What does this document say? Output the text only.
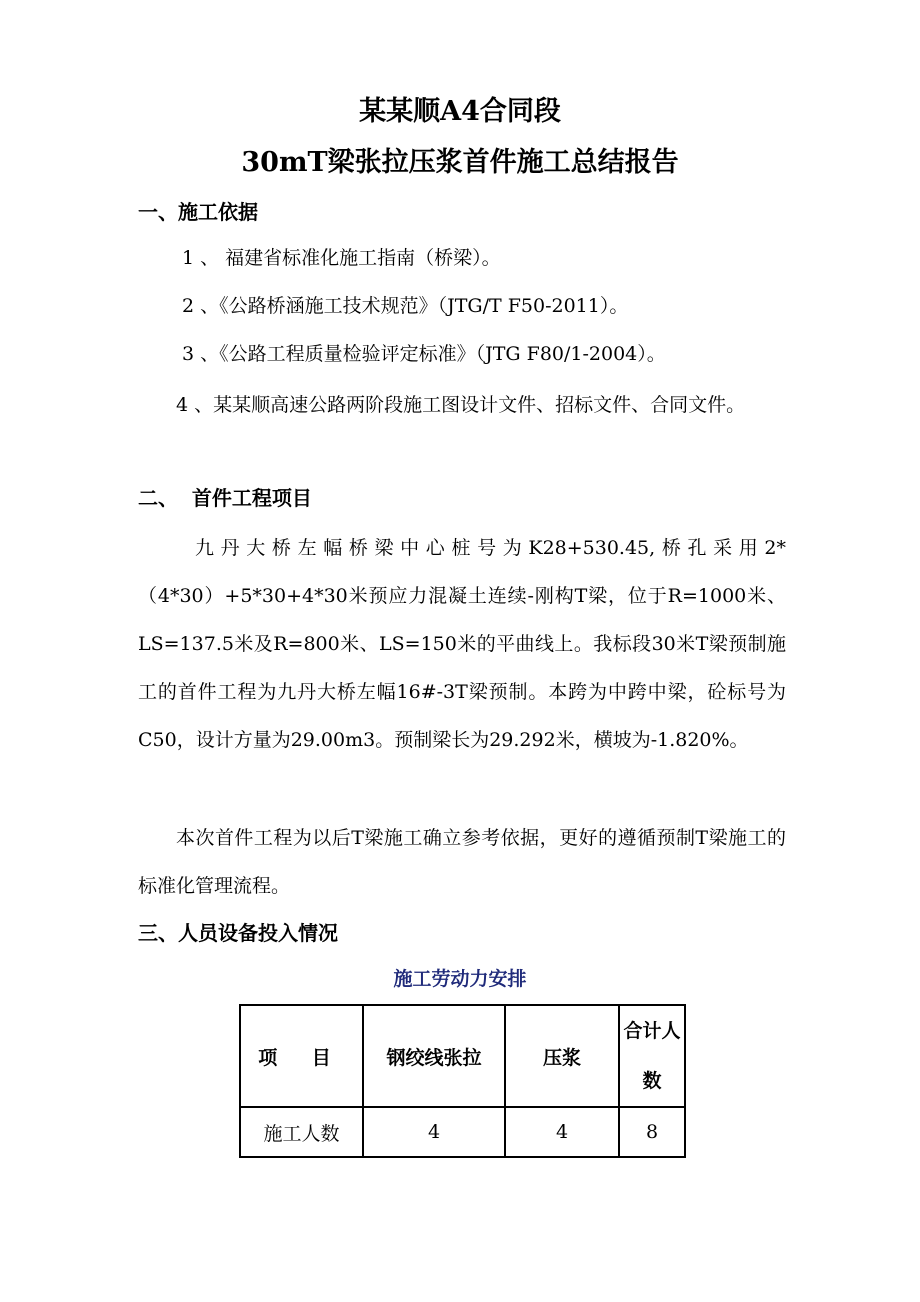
某某顺A4合同段
30mT梁张拉压浆首件施工总结报告
一、施工依据
1 、 福建省标准化施工指南（桥梁）。
2 、《公路桥涵施工技术规范》（JTG/T F50-2011）。
3 、《公路工程质量检验评定标准》（JTG F80/1-2004）。
4 、某某顺高速公路两阶段施工图设计文件、招标文件、合同文件。
二、  首件工程项目
九丹大桥左幅桥梁中心桩号为K28+530.45,桥孔采用2*（4*30）+5*30+4*30米预应力混凝土连续-刚构T梁，位于R=1000米、LS=137.5米及R=800米、LS=150米的平曲线上。我标段30米T梁预制施工的首件工程为九丹大桥左幅16#-3T梁预制。本跨为中跨中梁，砼标号为C50，设计方量为29.00m3。预制梁长为29.292米，横坡为-1.820%。
本次首件工程为以后T梁施工确立参考依据，更好的遵循预制T梁施工的标准化管理流程。
三、人员设备投入情况
施工劳动力安排
项 目	钢绞线张拉	压浆	合计人数
施工人数	4	4	8
